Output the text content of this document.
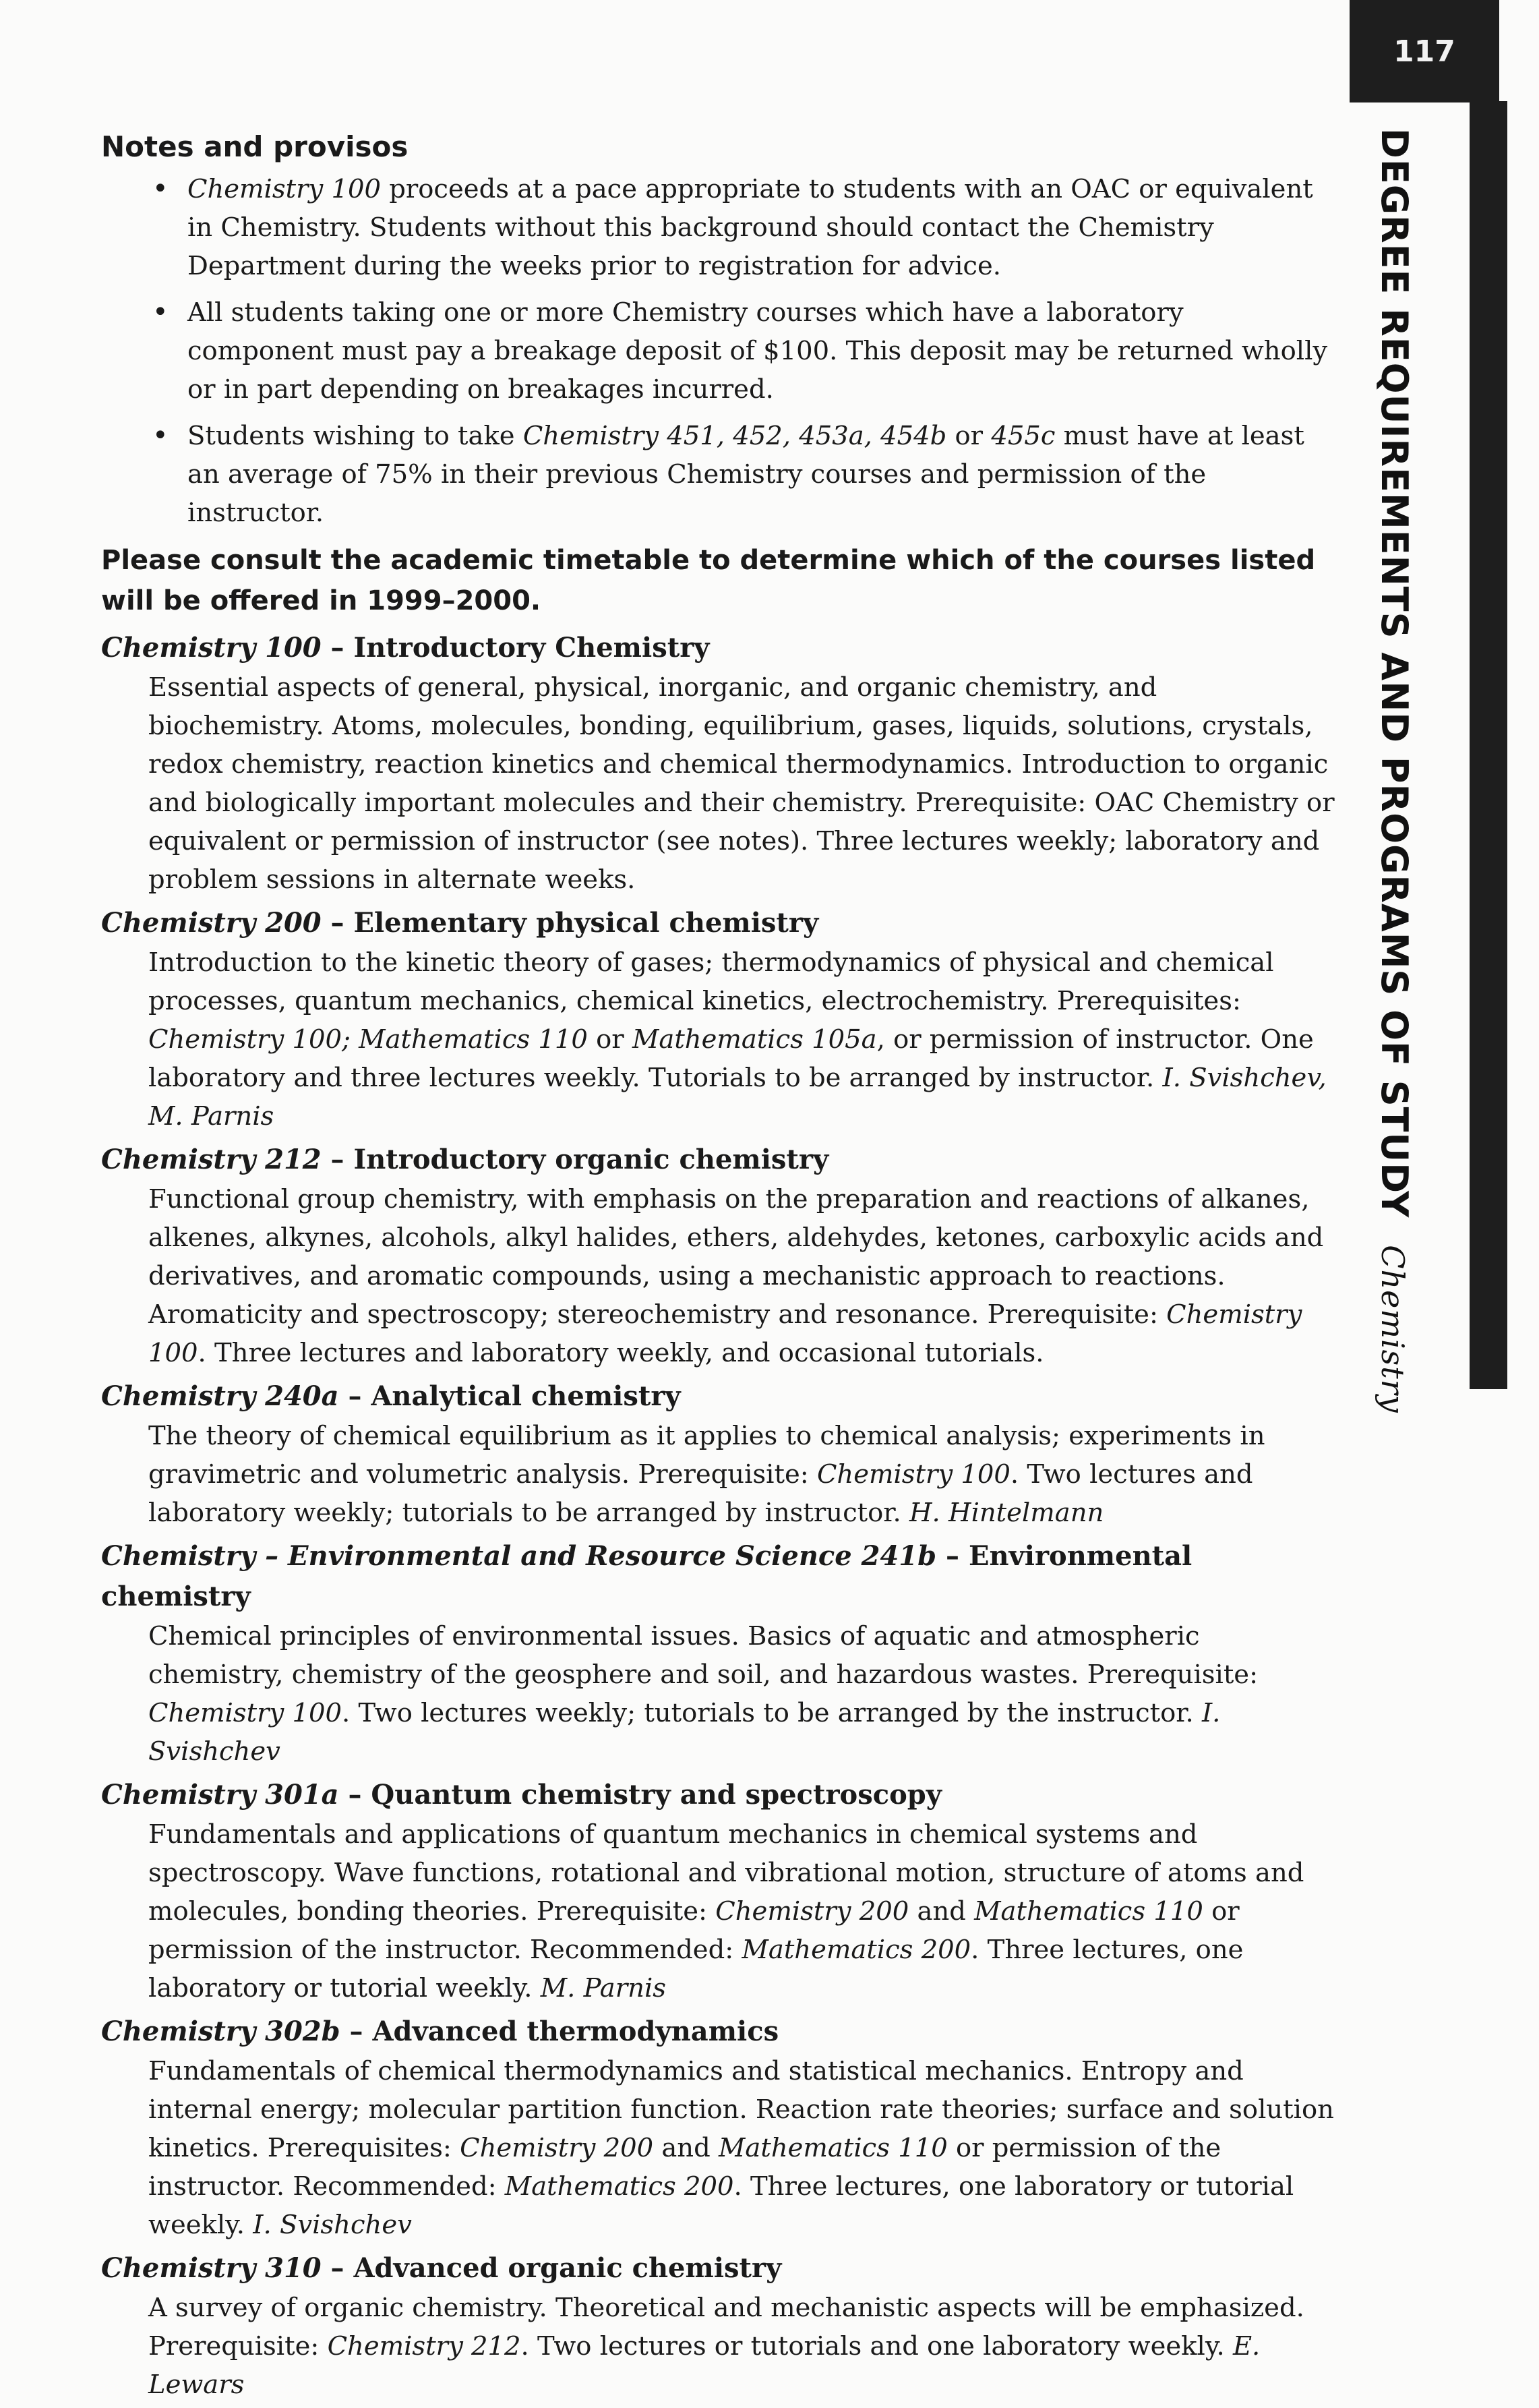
117
DEGREE REQUIREMENTS AND PROGRAMS OF STUDYChemistry
Notes and provisos
• Chemistry 100 proceeds at a pace appropriate to students with an OAC or equivalent in Chemistry. Students without this background should contact the Chemistry Department during the weeks prior to registration for advice.
• All students taking one or more Chemistry courses which have a laboratory component must pay a breakage deposit of $100. This deposit may be returned wholly or in part depending on breakages incurred.
• Students wishing to take Chemistry 451, 452, 453a, 454b or 455c must have at least an average of 75% in their previous Chemistry courses and permission of the instructor.

Please consult the academic timetable to determine which of the courses listed will be offered in 1999–2000.

Chemistry 100 – Introductory Chemistry

Essential aspects of general, physical, inorganic, and organic chemistry, and biochemistry. Atoms, molecules, bonding, equilibrium, gases, liquids, solutions, crystals, redox chemistry, reaction kinetics and chemical thermodynamics. Introduction to organic and biologically important molecules and their chemistry. Prerequisite: OAC Chemistry or equivalent or permission of instructor (see notes). Three lectures weekly; laboratory and problem sessions in alternate weeks.

Chemistry 200 – Elementary physical chemistry

Introduction to the kinetic theory of gases; thermodynamics of physical and chemical processes, quantum mechanics, chemical kinetics, electrochemistry. Prerequisites: Chemistry 100; Mathematics 110 or Mathematics 105a, or permission of instructor. One laboratory and three lectures weekly. Tutorials to be arranged by instructor. I. Svishchev, M. Parnis

Chemistry 212 – Introductory organic chemistry

Functional group chemistry, with emphasis on the preparation and reactions of alkanes, alkenes, alkynes, alcohols, alkyl halides, ethers, aldehydes, ketones, carboxylic acids and derivatives, and aromatic compounds, using a mechanistic approach to reactions. Aromaticity and spectroscopy; stereochemistry and resonance. Prerequisite: Chemistry 100. Three lectures and laboratory weekly, and occasional tutorials.

Chemistry 240a – Analytical chemistry

The theory of chemical equilibrium as it applies to chemical analysis; experiments in gravimetric and volumetric analysis. Prerequisite: Chemistry 100. Two lectures and laboratory weekly; tutorials to be arranged by instructor. H. Hintelmann

Chemistry – Environmental and Resource Science 241b – Environmental chemistry

Chemical principles of environmental issues. Basics of aquatic and atmospheric chemistry, chemistry of the geosphere and soil, and hazardous wastes. Prerequisite: Chemistry 100. Two lectures weekly; tutorials to be arranged by the instructor. I. Svishchev

Chemistry 301a – Quantum chemistry and spectroscopy

Fundamentals and applications of quantum mechanics in chemical systems and spectroscopy. Wave functions, rotational and vibrational motion, structure of atoms and molecules, bonding theories. Prerequisite: Chemistry 200 and Mathematics 110 or permission of the instructor. Recommended: Mathematics 200. Three lectures, one laboratory or tutorial weekly. M. Parnis

Chemistry 302b – Advanced thermodynamics

Fundamentals of chemical thermodynamics and statistical mechanics. Entropy and internal energy; molecular partition function. Reaction rate theories; surface and solution kinetics. Prerequisites: Chemistry 200 and Mathematics 110 or permission of the instructor. Recommended: Mathematics 200. Three lectures, one laboratory or tutorial weekly. I. Svishchev

Chemistry 310 – Advanced organic chemistry

A survey of organic chemistry. Theoretical and mechanistic aspects will be emphasized. Prerequisite: Chemistry 212. Two lectures or tutorials and one laboratory weekly. E. Lewars
